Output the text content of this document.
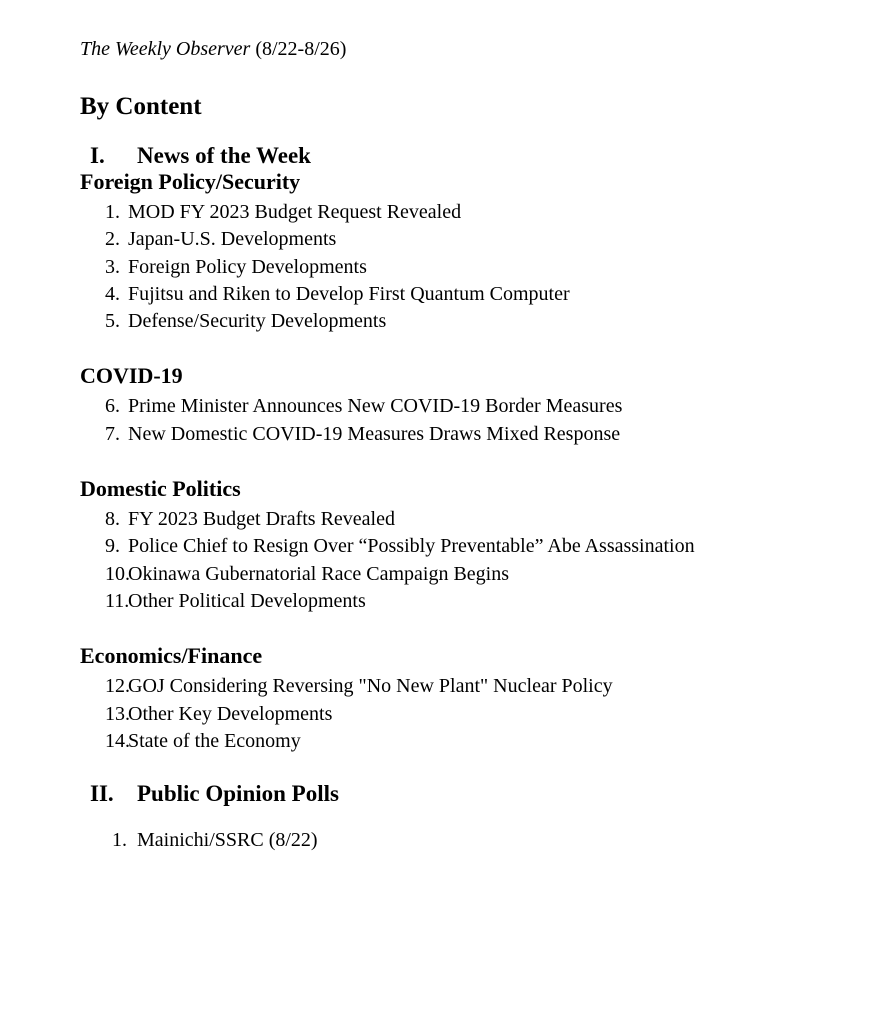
The Weekly Observer (8/22-8/26)

By Content
I.	News of the Week
Foreign Policy/Security
1. MOD FY 2023 Budget Request Revealed
2. Japan-U.S. Developments
3. Foreign Policy Developments
4. Fujitsu and Riken to Develop First Quantum Computer
5. Defense/Security Developments
COVID-19
6. Prime Minister Announces New COVID-19 Border Measures
7. New Domestic COVID-19 Measures Draws Mixed Response
Domestic Politics
8. FY 2023 Budget Drafts Revealed
9. Police Chief to Resign Over “Possibly Preventable” Abe Assassination
10.
Okinawa Gubernatorial Race Campaign Begins
11.
Other Political Developments
Economics/Finance
12.
GOJ Considering Reversing "No New Plant" Nuclear Policy
13.
Other Key Developments
14.
State of the Economy
II.	Public Opinion Polls
1. Mainichi/SSRC (8/22)
